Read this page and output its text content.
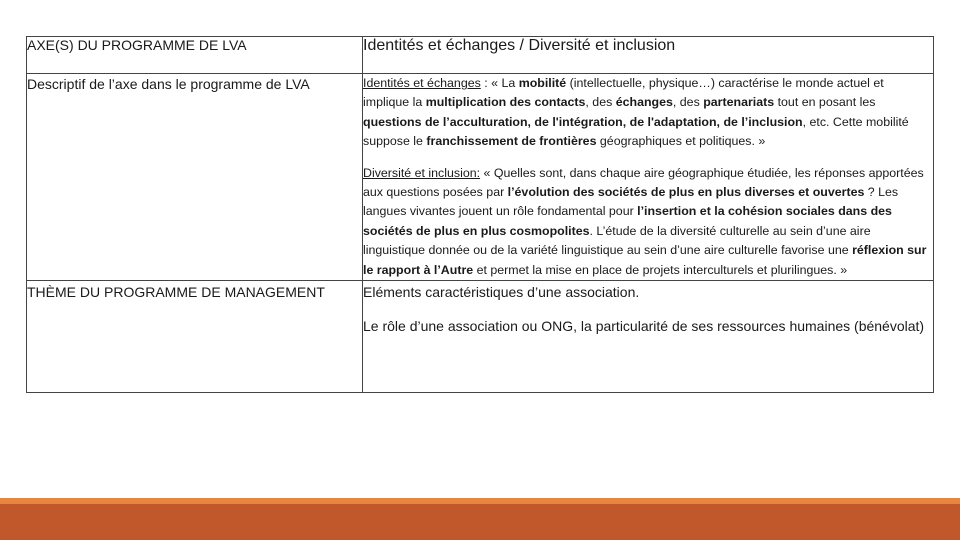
AXE(S) DU PROGRAMME DE LVA	Identités et échanges / Diversité et inclusion
Descriptif de l’axe dans le programme de LVA	Identités et échanges : « La mobilité (intellectuelle, physique…) caractérise le monde actuel et implique la multiplication des contacts, des échanges, des partenariats tout en posant les questions de l’acculturation, de l'intégration, de l'adaptation, de l’inclusion, etc. Cette mobilité suppose le franchissement de frontières géographiques et politiques. »

Diversité et inclusion: « Quelles sont, dans chaque aire géographique étudiée, les réponses apportées aux questions posées par l’évolution des sociétés de plus en plus diverses et ouvertes ? Les langues vivantes jouent un rôle fondamental pour l’insertion et la cohésion sociales dans des sociétés de plus en plus cosmopolites. L’étude de la diversité culturelle au sein d’une aire linguistique donnée ou de la variété linguistique au sein d’une aire culturelle favorise une réflexion sur le rapport à l’Autre et permet la mise en place de projets interculturels et plurilingues. »

THÈME DU PROGRAMME DE MANAGEMENT	Eléments caractéristiques d’une association.

Le rôle d’une association ou ONG, la particularité de ses ressources humaines (bénévolat)
